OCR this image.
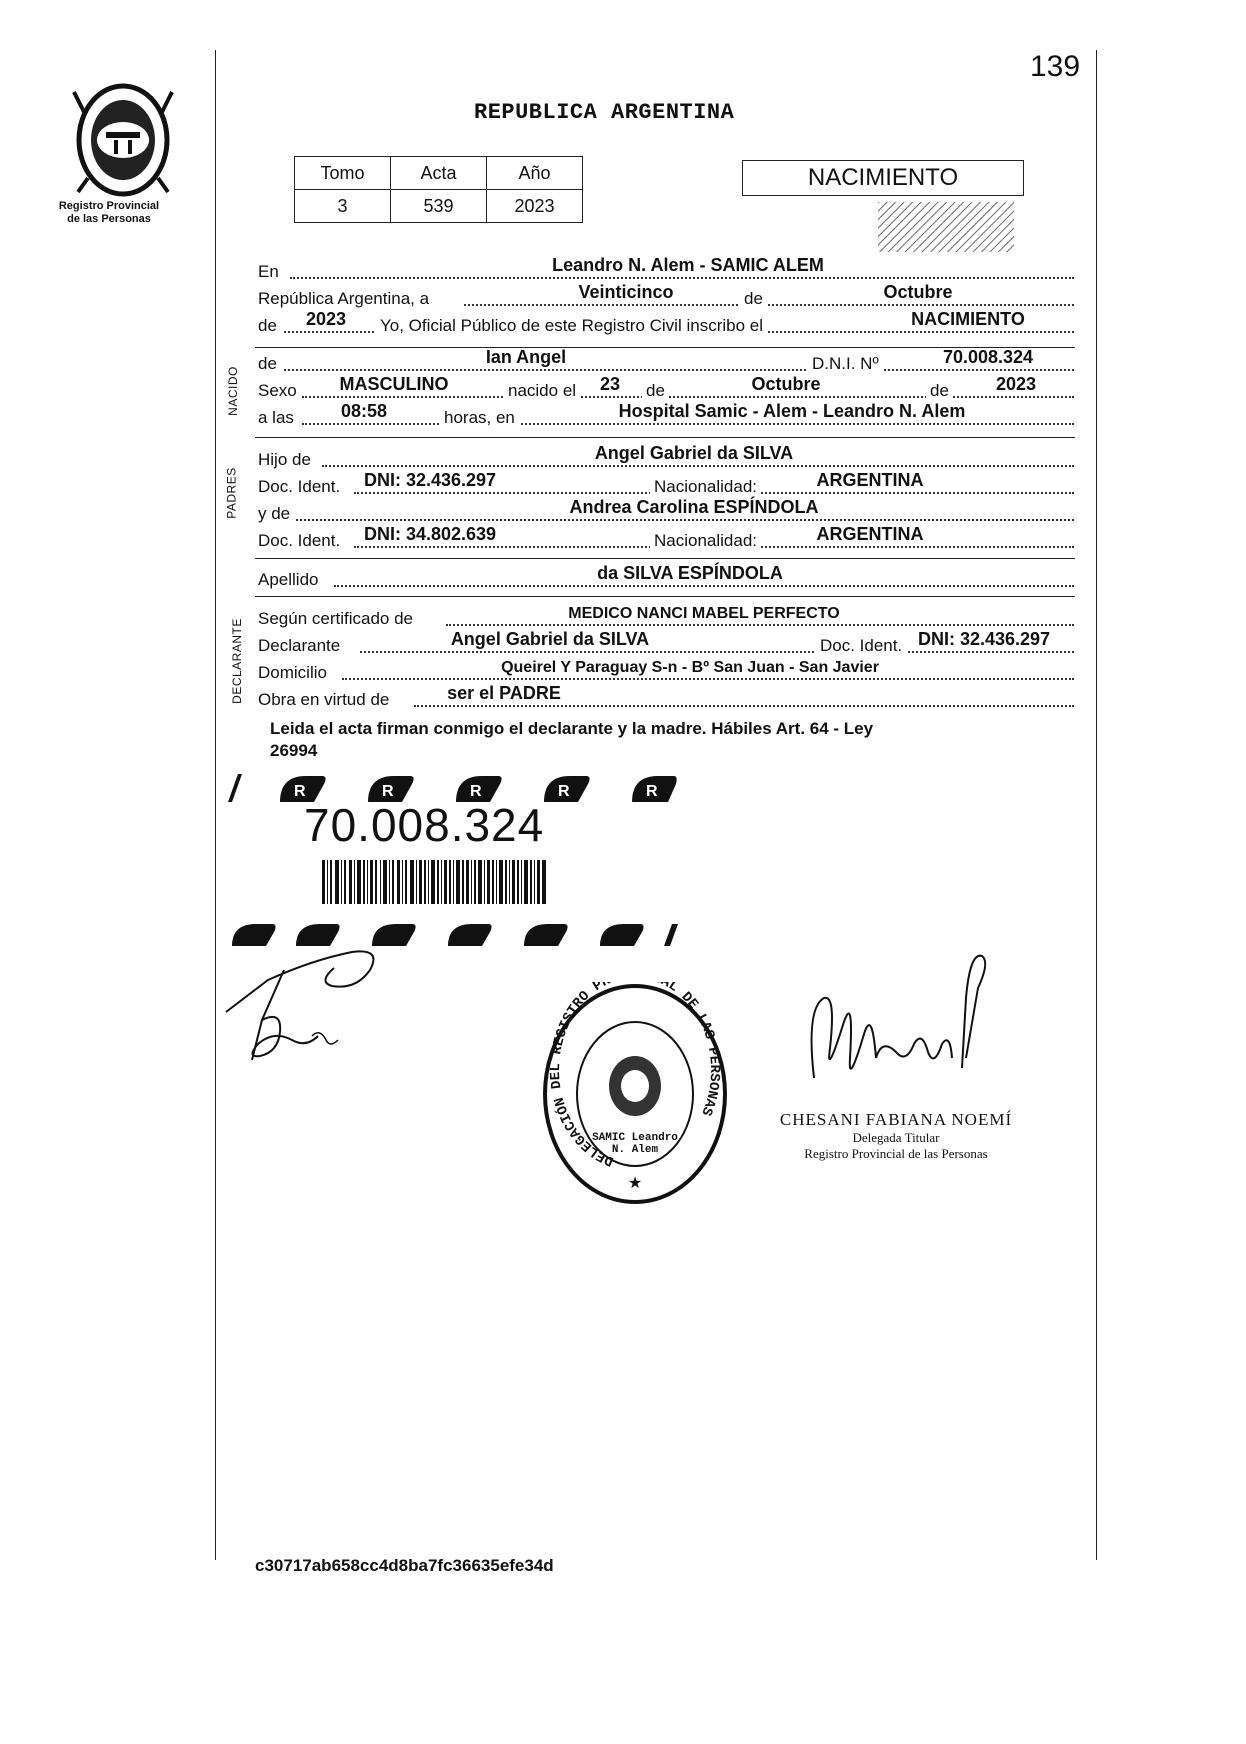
Registro Provincial
de las Personas
139
REPUBLICA ARGENTINA
Tomo	Acta	Año
3	539	2023
NACIMIENTO
En	Leandro N. Alem - SAMIC ALEM
República Argentina, a	Veinticinco	de	Octubre
de 2023 Yo, Oficial Público de este Registro Civil inscribo el	NACIMIENTO
NACIDO
de	Ian Angel	D.N.I. Nº	70.008.324
Sexo MASCULINO	nacido el 23 de	Octubre	de	2023
a las	08:58	horas, en	Hospital Samic - Alem - Leandro N. Alem
PADRES
Hijo de	Angel Gabriel da SILVA
Doc. Ident. DNI: 32.436.297	Nacionalidad:	ARGENTINA
y de	Andrea Carolina ESPÍNDOLA
Doc. Ident. DNI: 34.802.639	Nacionalidad:	ARGENTINA
Apellido	da SILVA ESPÍNDOLA
DECLARANTE Según certificado de	MEDICO NANCI MABEL PERFECTO
Declarante	Angel Gabriel da SILVA	Doc. Ident. DNI: 32.436.297
Domicilio	Queirel Y Paraguay S-n - Bº San Juan - San Javier
Obra en virtud de	ser el PADRE
Leida el acta firman conmigo el declarante y la madre. Hábiles Art. 64 - Ley
26994
R	R	R	R	R
70.008.324
DELEGACIÓN DEL REGISTRO P AL DE LAS PERSONAS
★
SAMIC Leandro N. Alem
CHESANI FABIANA NOEMÍ
Delegada Titular
Registro Provincial de las Personas
c30717ab658cc4d8ba7fc36635efe34d
